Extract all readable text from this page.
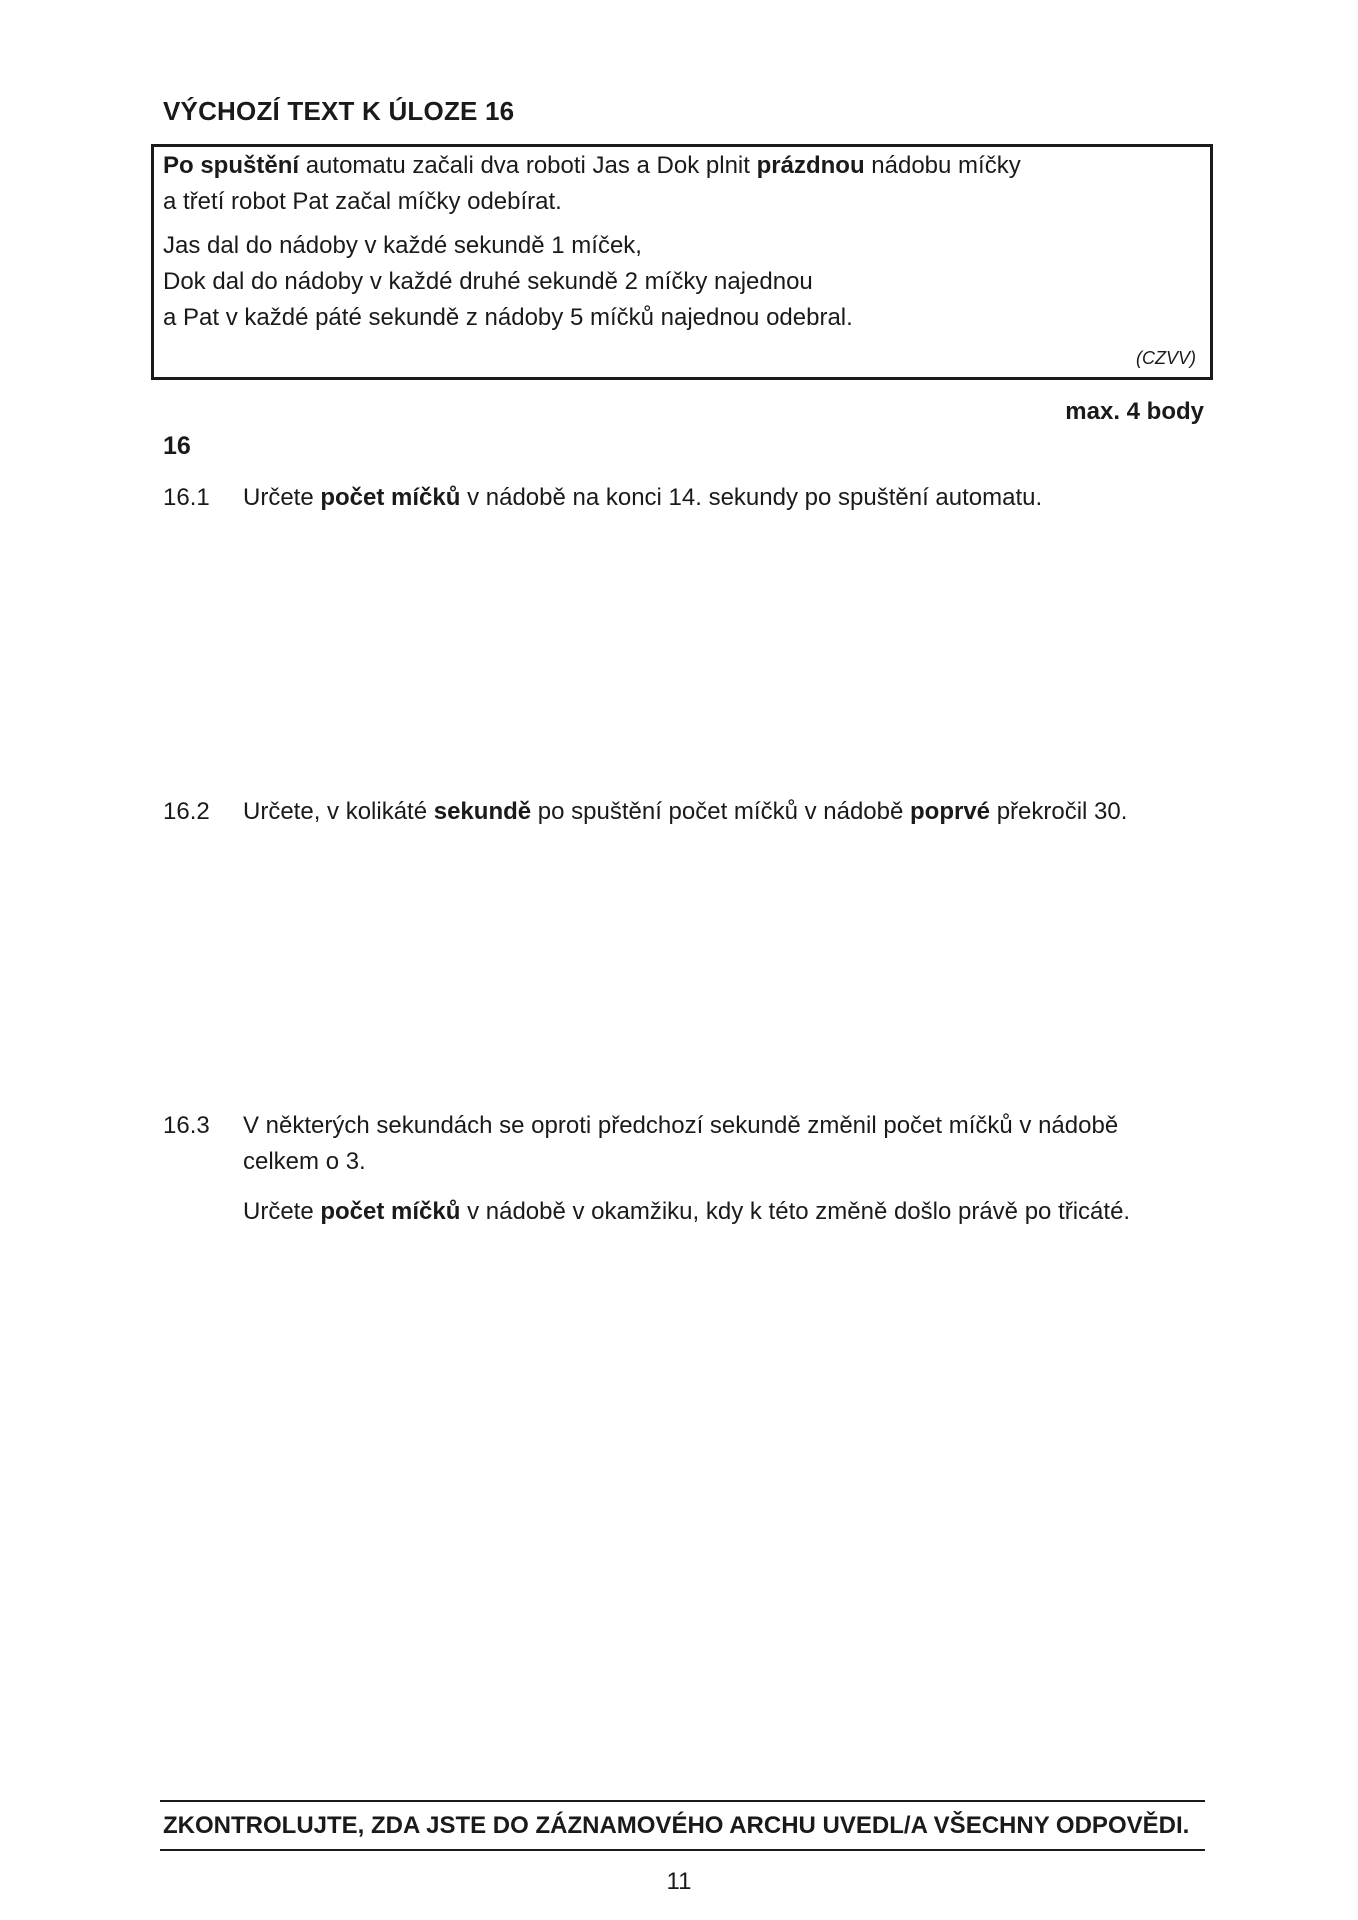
VÝCHOZÍ TEXT K ÚLOZE 16
Po spuštění automatu začali dva roboti Jas a Dok plnit prázdnou nádobu míčky
a třetí robot Pat začal míčky odebírat.
Jas dal do nádoby v každé sekundě 1 míček,
Dok dal do nádoby v každé druhé sekundě 2 míčky najednou
a Pat v každé páté sekundě z nádoby 5 míčků najednou odebral.
(CZVV)
max. 4 body
16
16.1 Určete počet míčků v nádobě na konci 14. sekundy po spuštění automatu.
16.2 Určete, v kolikáté sekundě po spuštění počet míčků v nádobě poprvé překročil 30.
16.3 V některých sekundách se oproti předchozí sekundě změnil počet míčků v nádobě
celkem o 3.
Určete počet míčků v nádobě v okamžiku, kdy k této změně došlo právě po třicáté.
ZKONTROLUJTE, ZDA JSTE DO ZÁZNAMOVÉHO ARCHU UVEDL/A VŠECHNY ODPOVĚDI.
11
